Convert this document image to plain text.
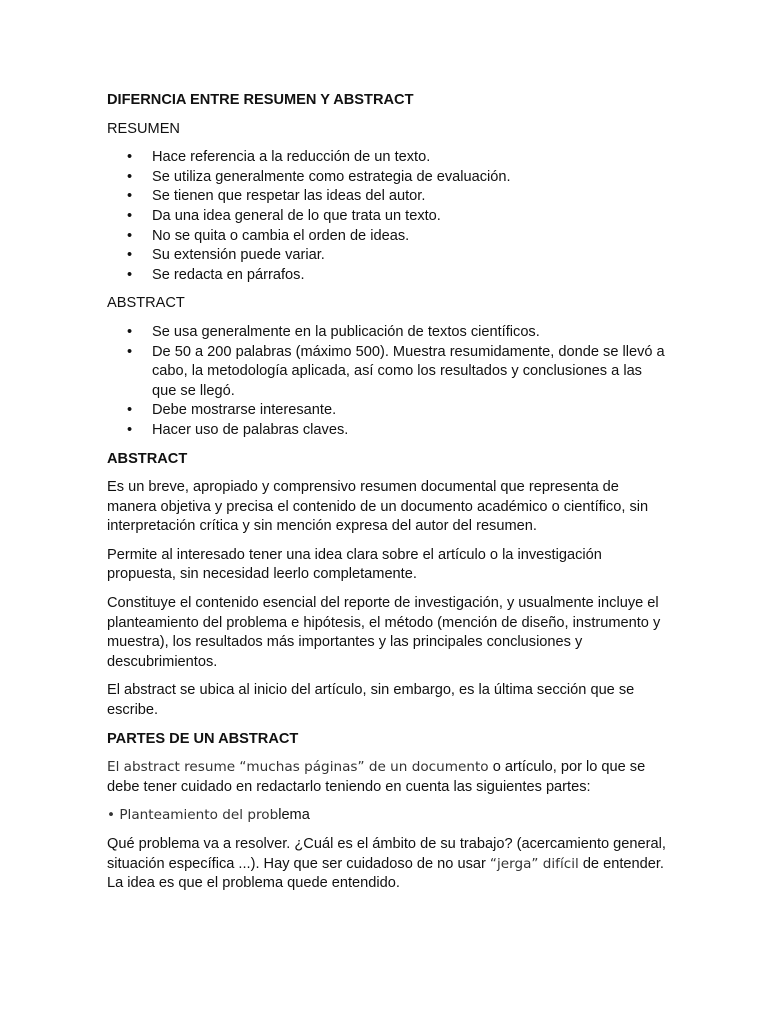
DIFERNCIA ENTRE RESUMEN Y ABSTRACT
RESUMEN
• Hace referencia a la reducción de un texto.
• Se utiliza generalmente como estrategia de evaluación.
• Se tienen que respetar las ideas del autor.
• Da una idea general de lo que trata un texto.
• No se quita o cambia el orden de ideas.
• Su extensión puede variar.
• Se redacta en párrafos.
ABSTRACT
• Se usa generalmente en la publicación de textos científicos.
• De 50 a 200 palabras (máximo 500). Muestra resumidamente, donde se llevó a cabo, la metodología aplicada, así como los resultados y conclusiones a las que se llegó.
• Debe mostrarse interesante.
• Hacer uso de palabras claves.
ABSTRACT

Es un breve, apropiado y comprensivo resumen documental que representa de manera objetiva y precisa el contenido de un documento académico o científico, sin interpretación crítica y sin mención expresa del autor del resumen.

Permite al interesado tener una idea clara sobre el artículo o la investigación propuesta, sin necesidad leerlo completamente.

Constituye el contenido esencial del reporte de investigación, y usualmente incluye el planteamiento del problema e hipótesis, el método (mención de diseño, instrumento y muestra), los resultados más importantes y las principales conclusiones y descubrimientos.

El abstract se ubica al inicio del artículo, sin embargo, es la última sección que se escribe.

PARTES DE UN ABSTRACT

El abstract resume “muchas páginas” de un documento o artículo, por lo que se debe tener cuidado en redactarlo teniendo en cuenta las siguientes partes:

• Planteamiento del problema

Qué problema va a resolver. ¿Cuál es el ámbito de su trabajo? (acercamiento general, situación específica ...). Hay que ser cuidadoso de no usar “jerga” difícil de entender. La idea es que el problema quede entendido.
